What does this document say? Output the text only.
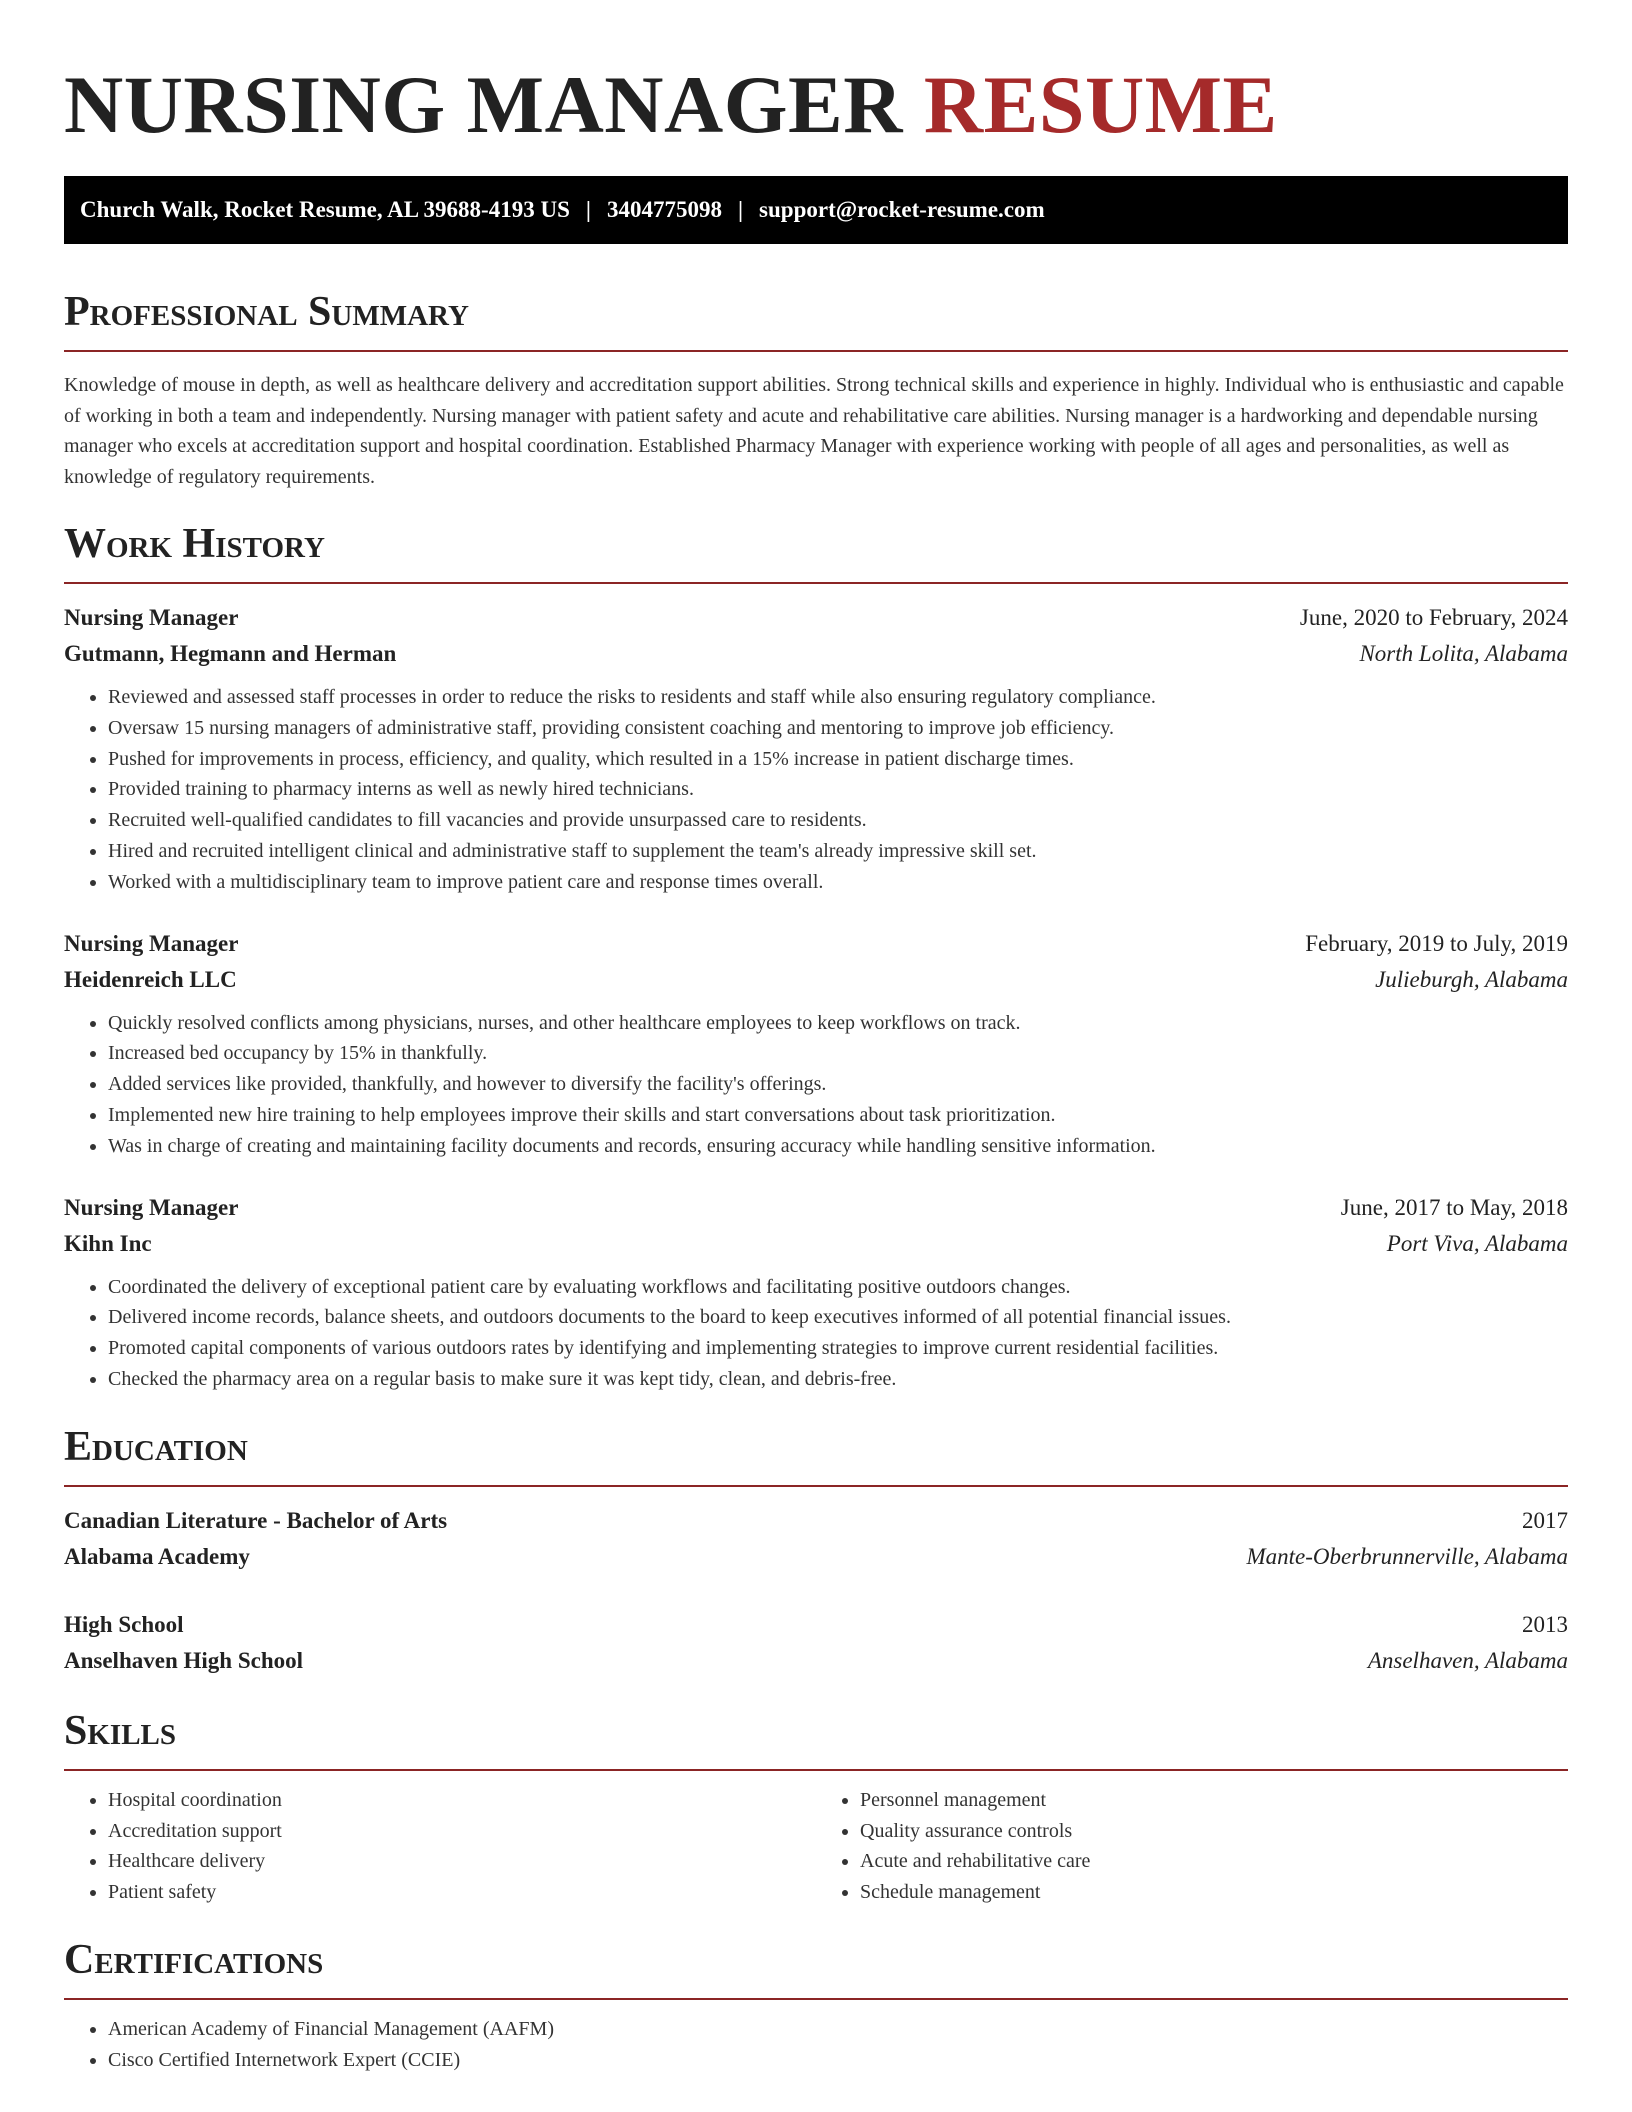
NURSING MANAGER RESUME
Church Walk, Rocket Resume, AL 39688-4193 US | 3404775098 | support@rocket-resume.com
Professional Summary

Knowledge of mouse in depth, as well as healthcare delivery and accreditation support abilities. Strong technical skills and experience in highly. Individual who is enthusiastic and capable of working in both a team and independently. Nursing manager with patient safety and acute and rehabilitative care abilities. Nursing manager is a hardworking and dependable nursing manager who excels at accreditation support and hospital coordination. Established Pharmacy Manager with experience working with people of all ages and personalities, as well as knowledge of regulatory requirements.

Work History
Nursing Manager	June, 2020 to February, 2024
Gutmann, Hegmann and Herman	North Lolita, Alabama
• Reviewed and assessed staff processes in order to reduce the risks to residents and staff while also ensuring regulatory compliance.
• Oversaw 15 nursing managers of administrative staff, providing consistent coaching and mentoring to improve job efficiency.
• Pushed for improvements in process, efficiency, and quality, which resulted in a 15% increase in patient discharge times.
• Provided training to pharmacy interns as well as newly hired technicians.
• Recruited well-qualified candidates to fill vacancies and provide unsurpassed care to residents.
• Hired and recruited intelligent clinical and administrative staff to supplement the team's already impressive skill set.
• Worked with a multidisciplinary team to improve patient care and response times overall.
Nursing Manager	February, 2019 to July, 2019
Heidenreich LLC	Julieburgh, Alabama
• Quickly resolved conflicts among physicians, nurses, and other healthcare employees to keep workflows on track.
• Increased bed occupancy by 15% in thankfully.
• Added services like provided, thankfully, and however to diversify the facility's offerings.
• Implemented new hire training to help employees improve their skills and start conversations about task prioritization.
• Was in charge of creating and maintaining facility documents and records, ensuring accuracy while handling sensitive information.
Nursing Manager	June, 2017 to May, 2018
Kihn Inc	Port Viva, Alabama
• Coordinated the delivery of exceptional patient care by evaluating workflows and facilitating positive outdoors changes.
• Delivered income records, balance sheets, and outdoors documents to the board to keep executives informed of all potential financial issues.
• Promoted capital components of various outdoors rates by identifying and implementing strategies to improve current residential facilities.
• Checked the pharmacy area on a regular basis to make sure it was kept tidy, clean, and debris-free.
Education
Canadian Literature - Bachelor of Arts	2017
Alabama Academy	Mante-Oberbrunnerville, Alabama
High School	2013
Anselhaven High School	Anselhaven, Alabama
Skills
• Hospital coordination
• Accreditation support
• Healthcare delivery
• Patient safety
• Personnel management
• Quality assurance controls
• Acute and rehabilitative care
• Schedule management
Certifications
• American Academy of Financial Management (AAFM)
• Cisco Certified Internetwork Expert (CCIE)
